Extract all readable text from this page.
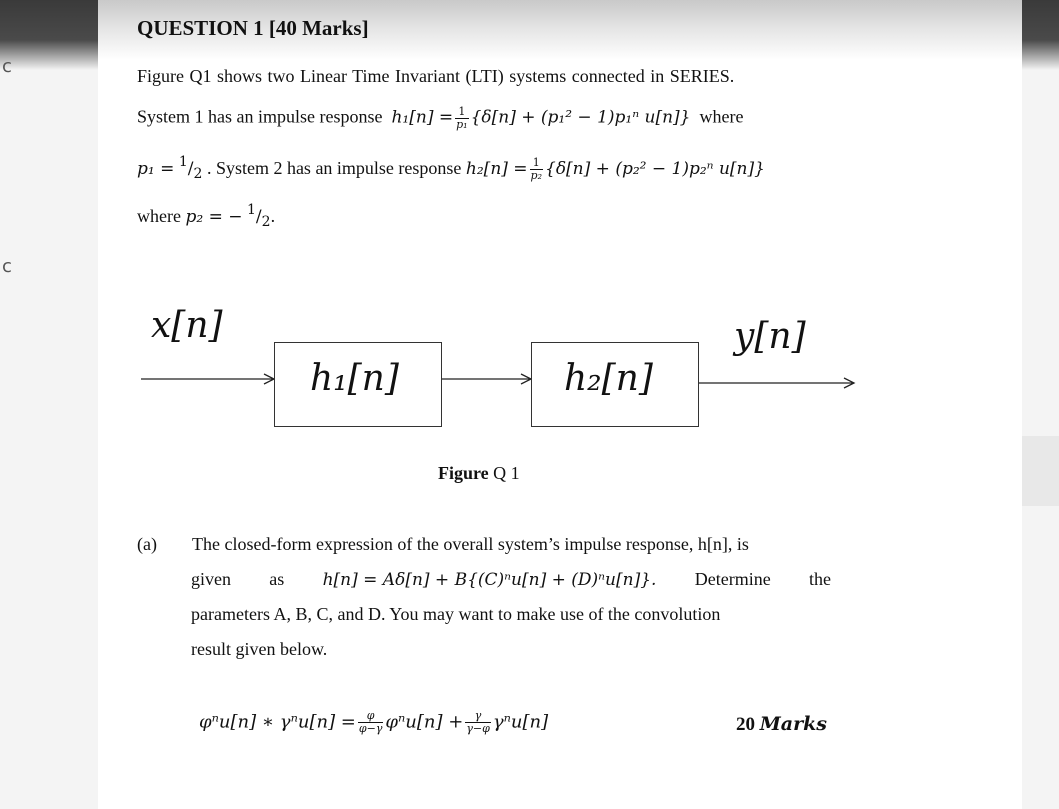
c
c
QUESTION 1 [40 Marks]
Figure Q1 shows two Linear Time Invariant (LTI) systems connected in SERIES.
System 1 has an impulse response $h_1[n] = \frac{1}{\text{p₁}} \{\delta[n] + (p_1^2 - 1)p_1^n$ u[n]} where
$p_1 = ^1/_2$ . System 2 has an impulse response $h_2[n] = \frac{1}{\text{p₂}} \{\delta[n] + (p_2^2 - 1)p_2^n$ u[n]}
where p₂ = − $^1/_2$.
x[n]	y[n]
h₁[n]	h₂[n]
Figure Q 1
(a) The closed-form expression of the overall system’s impulse response, h[n], is
given as h[n] = Aδ[n] + B{(C)ⁿu[n] + (D)ⁿu[n]}. Determine the
parameters A, B, C, and D. You may want to make use of the convolution
result given below.
φⁿu[n] ∗ $\gamma^nu[n] = \frac{\varphi}{\varphi-\gamma} \varphi^nu[n] + \frac{\gamma}{\gamma-\varphi} \gamma^nu[n]$	20 Marks
